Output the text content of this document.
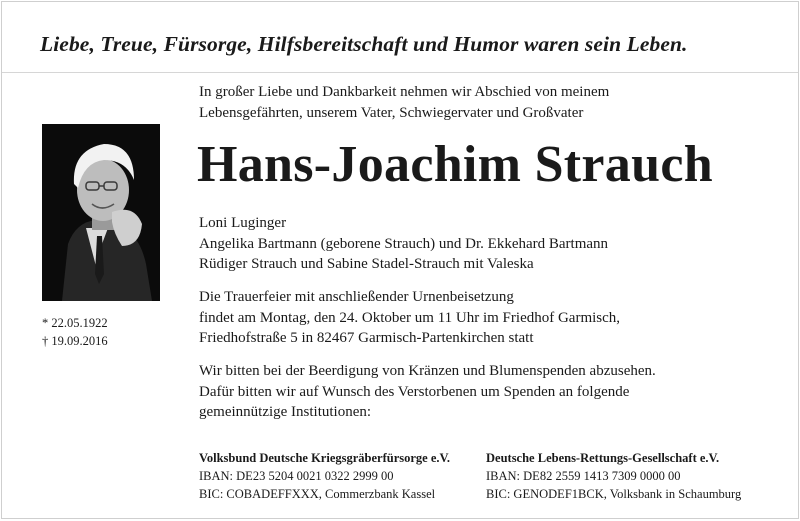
Liebe, Treue, Fürsorge, Hilfsbereitschaft und Humor waren sein Leben.
In großer Liebe und Dankbarkeit nehmen wir Abschied von meinem
Lebensgefährten, unserem Vater, Schwiegervater und Großvater
Hans-Joachim Strauch
* 22.05.1922
† 19.09.2016
Loni Luginger
Angelika Bartmann (geborene Strauch) und Dr. Ekkehard Bartmann
Rüdiger Strauch und Sabine Stadel-Strauch mit Valeska
Die Trauerfeier mit anschließender Urnenbeisetzung
findet am Montag, den 24. Oktober um 11 Uhr im Friedhof Garmisch,
Friedhofstraße 5 in 82467 Garmisch-Partenkirchen statt
Wir bitten bei der Beerdigung von Kränzen und Blumenspenden abzusehen.
Dafür bitten wir auf Wunsch des Verstorbenen um Spenden an folgende
gemeinnützige Institutionen:
Volksbund Deutsche Kriegsgräberfürsorge e.V.
IBAN: DE23 5204 0021 0322 2999 00
BIC: COBADEFFXXX, Commerzbank Kassel
Deutsche Lebens-Rettungs-Gesellschaft e.V.
IBAN: DE82 2559 1413 7309 0000 00
BIC: GENODEF1BCK, Volksbank in Schaumburg
